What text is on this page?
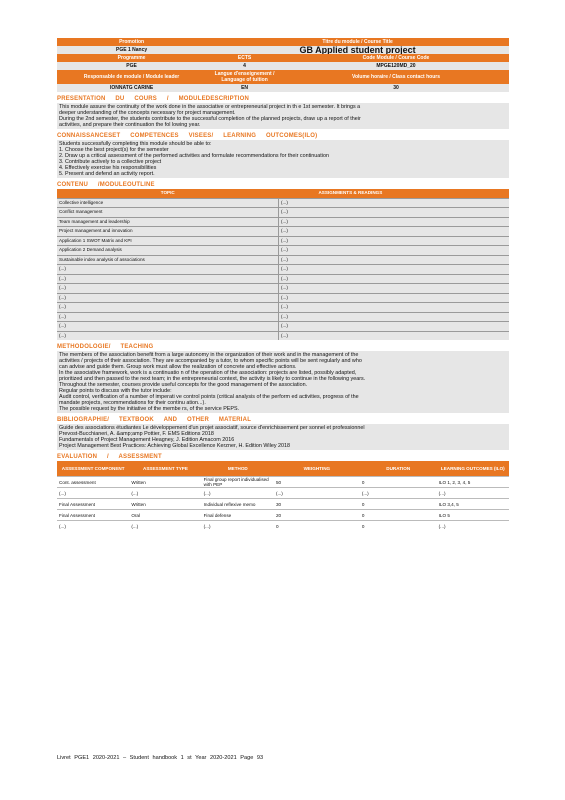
Promotion	Titre du module / Course Title	
PGE 1 Nancy	GB Applied student project	
Programme	ECTS	Code Module / Course Code
PGE	4	MPGE120MD_20
Responsable de module / Module leader	Langue d'enseignement / Language of tuition	Volume horaire / Class contact hours
IONNATG CARINE	EN	30
PRESENTATION DU COURS / MODULEDESCRIPTION
This module assure the continuity of the work done in the associative or entrepreneurial project in th e 1st semester. It brings a
deeper understanding of the concepts necessary for project management.
During the 2nd semester, the students contribute to the successful completion of the planned projects, draw up a report of their
activities, and prepare their continuation the fol lowing year.
CONNAISSANCESET COMPETENCES VISEES/ LEARNING OUTCOMES(ILO)
Students successfully completing this module should be able to:
1. Choose the best project(s) for the semester
2. Draw up a critical assessment of the performed activities and formulate recommendations for their continuation
3. Contribute actively to a collective project
4. Effectively exercise his responsibilities
5. Present and defend an activity report.
CONTENU /MODULEOUTLINE
TOPIC	ASSIGNMENTS & READINGS
Collective intelligence	(...)
Conflict management	(...)
Team management and leadership	(...)
Project management and innovation	(...)
Application 1 SWOT Matrix and KPI	(...)
Application 2 Demand analysis	(...)
Sustainable index analysis of associations	(...)
(...)	(...)
(...)	(...)
(...)	(...)
(...)	(...)
(...)	(...)
(...)	(...)
(...)	(...)
(...)	(...)
METHODOLOGIE/ TEACHING
The members of the association benefit from a large autonomy in the organization of their work and in the management of the
activities / projects of their association. They are accompanied by a tutor, to whom specific points will be sent regularly and who
can advise and guide them. Group work must allow the realization of concrete and effective actions.
In the associative framework, work is a continuatio n of the operation of the association: projects are listed, possibly adapted,
prioritized and then passed to the next team; in the entrepreneurial context, the activity is likely to continue in the following years.
Throughout the semester, courses provide useful concepts for the good management of the association.
Regular points to discuss with the tutor include:
Audit control, verification of a number of imperati ve control points (critical analysis of the perform ed activities, progress of the
mandate projects, recommendations for their continu ation...).
The possible request by the initiative of the membe rs, of the service PEPS.
BIBLIOGRAPHIE/ TEXTBOOK AND OTHER MATERIAL
Guide des associations étudiantes Le développement d'un projet associatif, source d'enrichissement per sonnel et professionnel
Prevost-Bucchianeri, A. &amp;amp Pottier, F. EMS Editions 2018
Fundamentals of Project Management Heagney, J. Edition Amacom 2016
Project Management Best Practices: Achieving Global Excellence Kerzner, H. Edition Wiley 2018
EVALUATION / ASSESSMENT
ASSESSMENT COMPONENT	ASSESSMENT TYPE	METHOD	WEIGHTING	DURATION	LEARNING OUTCOMES (ILO)
Cont. assessment	Written	Final group report individualised with PEP	50	0	ILO 1, 2, 3, 4, 5
(...)	(...)	(...)	(...)	(...)	(...)
Final Assessment	Written	Individual reflexive memo	30	0	ILO 3,4, 5
Final Assessment	Oral	Final defense	20	0	ILO 5
(...)	(...)	(...)	0	0	(...)
Livret PGE1 2020-2021 – Student handbook 1 st Year 2020-2021 Page 93
